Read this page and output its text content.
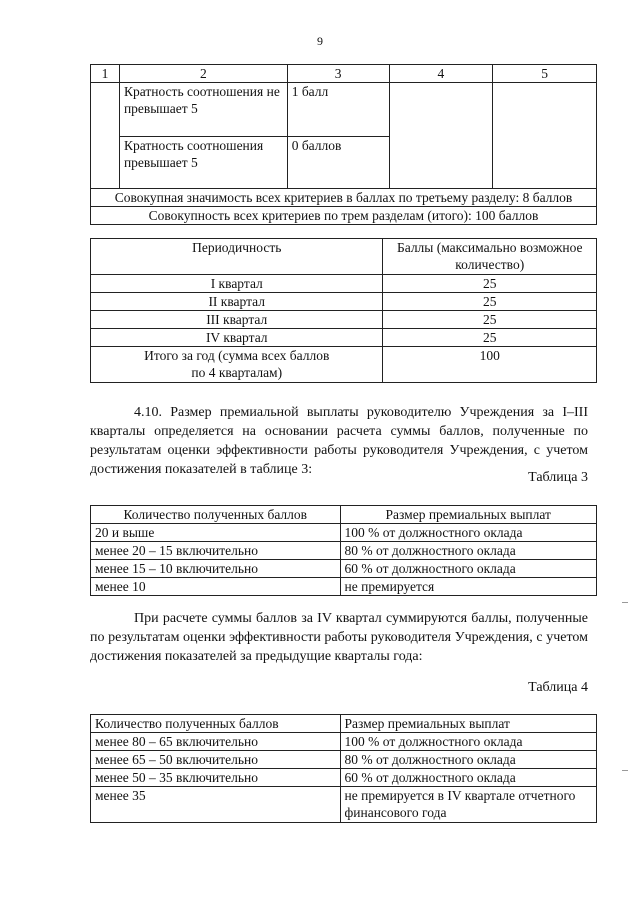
9
1	2	3	4	5
	Кратность соотношения не превышает 5	1 балл		
	Кратность соотношения превышает 5	0 баллов		
Совокупная значимость всех критериев в баллах по третьему разделу: 8 баллов				
Совокупность всех критериев по трем разделам (итого): 100 баллов				
Периодичность	Баллы (максимально возможное количество)
I квартал	25
II квартал	25
III квартал	25
IV квартал	25
Итого за год (сумма всех баллов по 4 кварталам)	100
4.10. Размер премиальной выплаты руководителю Учреждения за I–III кварталы определяется на основании расчета суммы баллов, полученные по результатам оценки эффективности работы руководителя Учреждения, с учетом достижения показателей в таблице 3:
Таблица 3
Количество полученных баллов	Размер премиальных выплат
20 и выше	100 % от должностного оклада
менее 20 – 15 включительно	80 % от должностного оклада
менее 15 – 10 включительно	60 % от должностного оклада
менее 10	не премируется
При расчете суммы баллов за IV квартал суммируются баллы, полученные по результатам оценки эффективности работы руководителя Учреждения, с учетом достижения показателей за предыдущие кварталы года:
Таблица 4
Количество полученных баллов	Размер премиальных выплат
менее 80 – 65 включительно	100 % от должностного оклада
менее 65 – 50 включительно	80 % от должностного оклада
менее 50 – 35 включительно	60 % от должностного оклада
менее 35	не премируется в IV квартале отчетного финансового года
